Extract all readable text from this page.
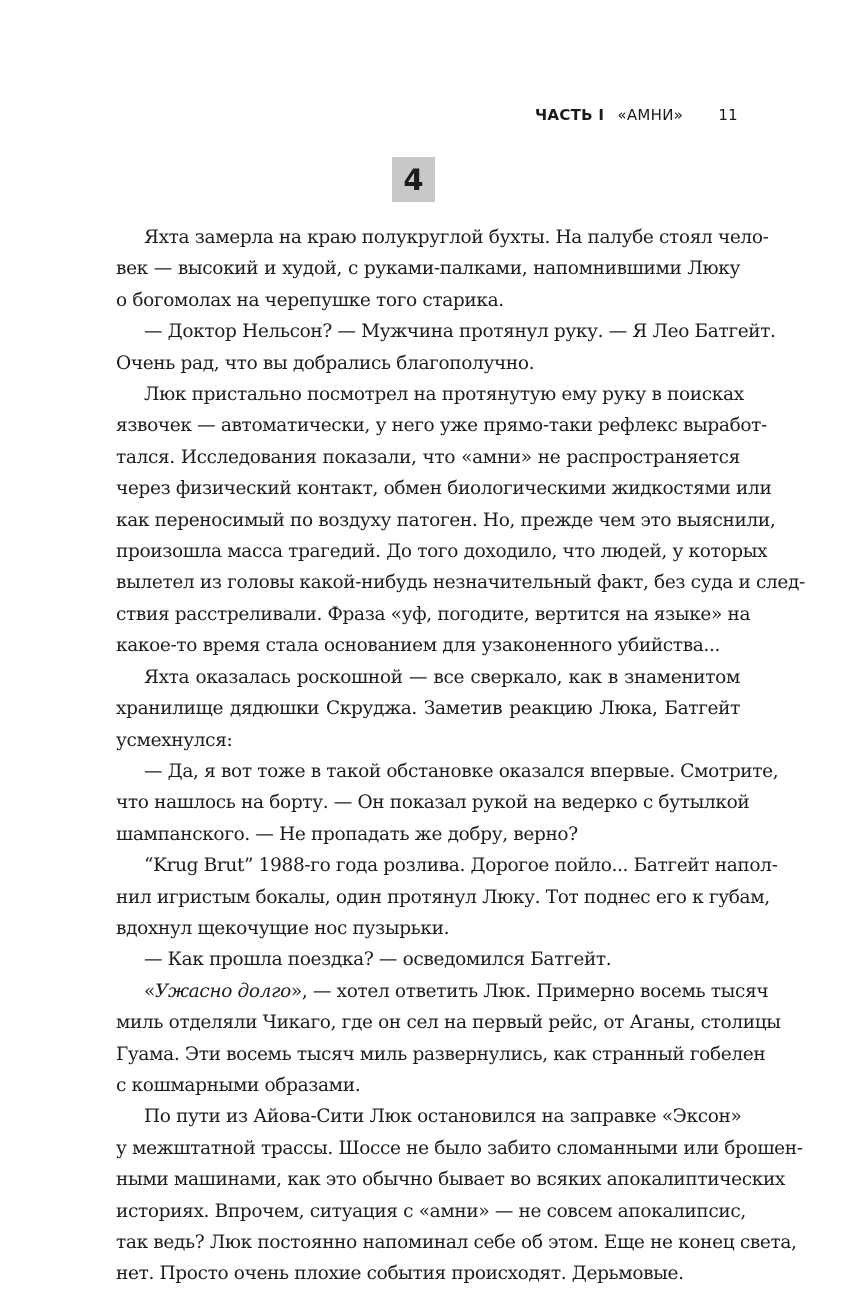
ЧАСТЬ I «АМНИ» 11
4
Яхта замерла на краю полукруглой бухты. На палубе стоял чело-
век — высокий и худой, с руками-палками, напомнившими Люку
о богомолах на черепушке того старика.
— Доктор Нельсон? — Мужчина протянул руку. — Я Лео Батгейт.
Очень рад, что вы добрались благополучно.
Люк пристально посмотрел на протянутую ему руку в поисках
язвочек — автоматически, у него уже прямо-таки рефлекс выработ-
тался. Исследования показали, что «амни» не распространяется
через физический контакт, обмен биологическими жидкостями или
как переносимый по воздуху патоген. Но, прежде чем это выяснили,
произошла масса трагедий. До того доходило, что людей, у которых
вылетел из головы какой-нибудь незначительный факт, без суда и след-
ствия расстреливали. Фраза «уф, погодите, вертится на языке» на
какое-то время стала основанием для узаконенного убийства...
Яхта оказалась роскошной — все сверкало, как в знаменитом
хранилище дядюшки Скруджа. Заметив реакцию Люка, Батгейт
усмехнулся:
— Да, я вот тоже в такой обстановке оказался впервые. Смотрите,
что нашлось на борту. — Он показал рукой на ведерко с бутылкой
шампанского. — Не пропадать же добру, верно?
“Krug Brut” 1988-го года розлива. Дорогое пойло... Батгейт напол-
нил игристым бокалы, один протянул Люку. Тот поднес его к губам,
вдохнул щекочущие нос пузырьки.
— Как прошла поездка? — осведомился Батгейт.
«Ужасно долго», — хотел ответить Люк. Примерно восемь тысяч
миль отделяли Чикаго, где он сел на первый рейс, от Аганы, столицы
Гуама. Эти восемь тысяч миль развернулись, как странный гобелен
с кошмарными образами.
По пути из Айова-Сити Люк остановился на заправке «Эксон»
у межштатной трассы. Шоссе не было забито сломанными или брошен-
ными машинами, как это обычно бывает во всяких апокалиптических
историях. Впрочем, ситуация с «амни» — не совсем апокалипсис,
так ведь? Люк постоянно напоминал себе об этом. Еще не конец света,
нет. Просто очень плохие события происходят. Дерьмовые.
